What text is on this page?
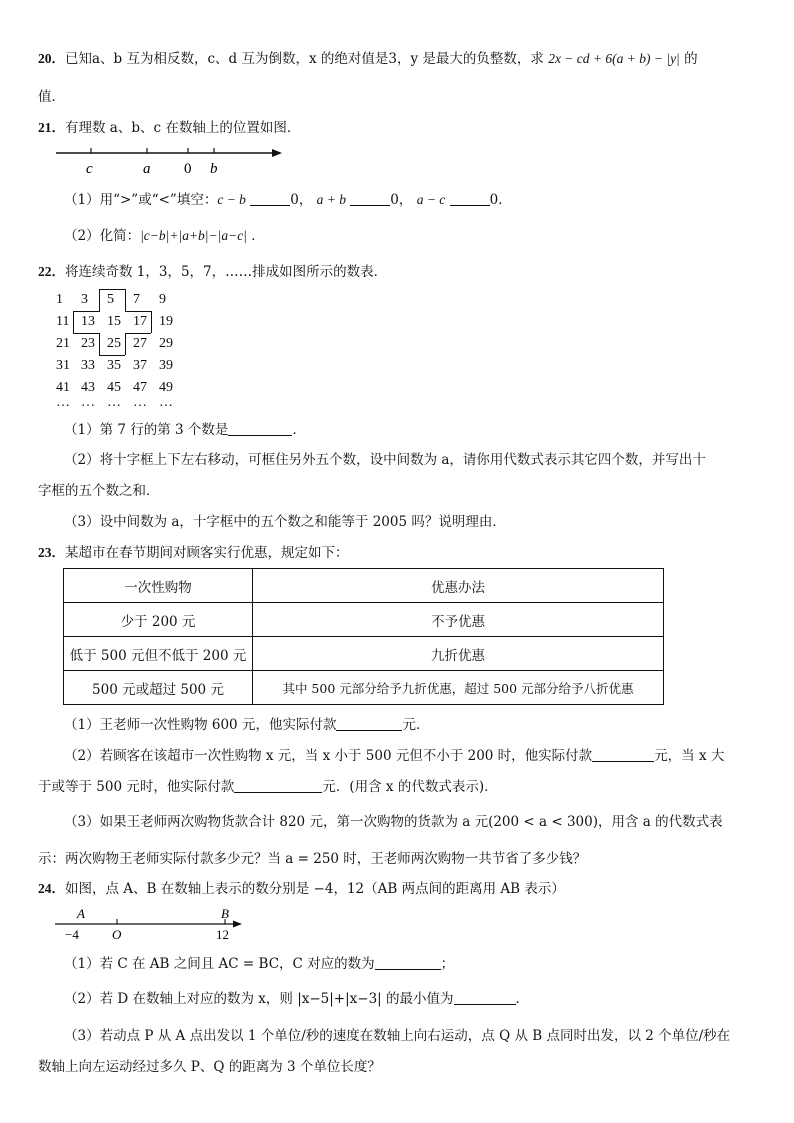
20．已知a、b 互为相反数，c、d 互为倒数，x 的绝对值是3，y 是最大的负整数，求 2x − cd + 6(a + b) − |y| 的
值．
21．有理数 a、b、c 在数轴上的位置如图．
c	a 0 b
（1）用“>”或“<”填空：c − b	0， a + b	0， a − c	0．
（2）化简：|c−b|+|a+b|−|a−c| ．
22．将连续奇数 1，3，5，7，……排成如图所示的数表．
1	3	5	7	9
11 13 15 17 19
21 23 25 27 29
31 33 35 37 39
41 43 45 47 49
… … … … …
（1）第 7 行的第 3 个数是	．
（2）将十字框上下左右移动，可框住另外五个数，设中间数为 a，请你用代数式表示其它四个数，并写出十
字框的五个数之和．
（3）设中间数为 a，十字框中的五个数之和能等于 2005 吗？说明理由．
23．某超市在春节期间对顾客实行优惠，规定如下：
一次性购物	优惠办法
少于 200 元	不予优惠
低于 500 元但不低于 200 元	九折优惠
500 元或超过 500 元	其中 500 元部分给予九折优惠，超过 500 元部分给予八折优惠
（1）王老师一次性购物 600 元，他实际付款	元．
（2）若顾客在该超市一次性购物 x 元，当 x 小于 500 元但不小于 200 时，他实际付款	元，当 x 大
于或等于 500 元时，他实际付款	元．(用含 x 的代数式表示)．
（3）如果王老师两次购物货款合计 820 元，第一次购物的货款为 a 元(200 < a < 300)，用含 a 的代数式表
示：两次购物王老师实际付款多少元？当 a = 250 时，王老师两次购物一共节省了多少钱？
24．如图，点 A、B 在数轴上表示的数分别是 −4，12（AB 两点间的距离用 AB 表示）
A	B
−4	O	12
（1）若 C 在 AB 之间且 AC = BC，C 对应的数为	；
（2）若 D 在数轴上对应的数为 x，则 |x−5|+|x−3| 的最小值为	．
（3）若动点 P 从 A 点出发以 1 个单位/秒的速度在数轴上向右运动，点 Q 从 B 点同时出发，以 2 个单位/秒在
数轴上向左运动经过多久 P、Q 的距离为 3 个单位长度？
